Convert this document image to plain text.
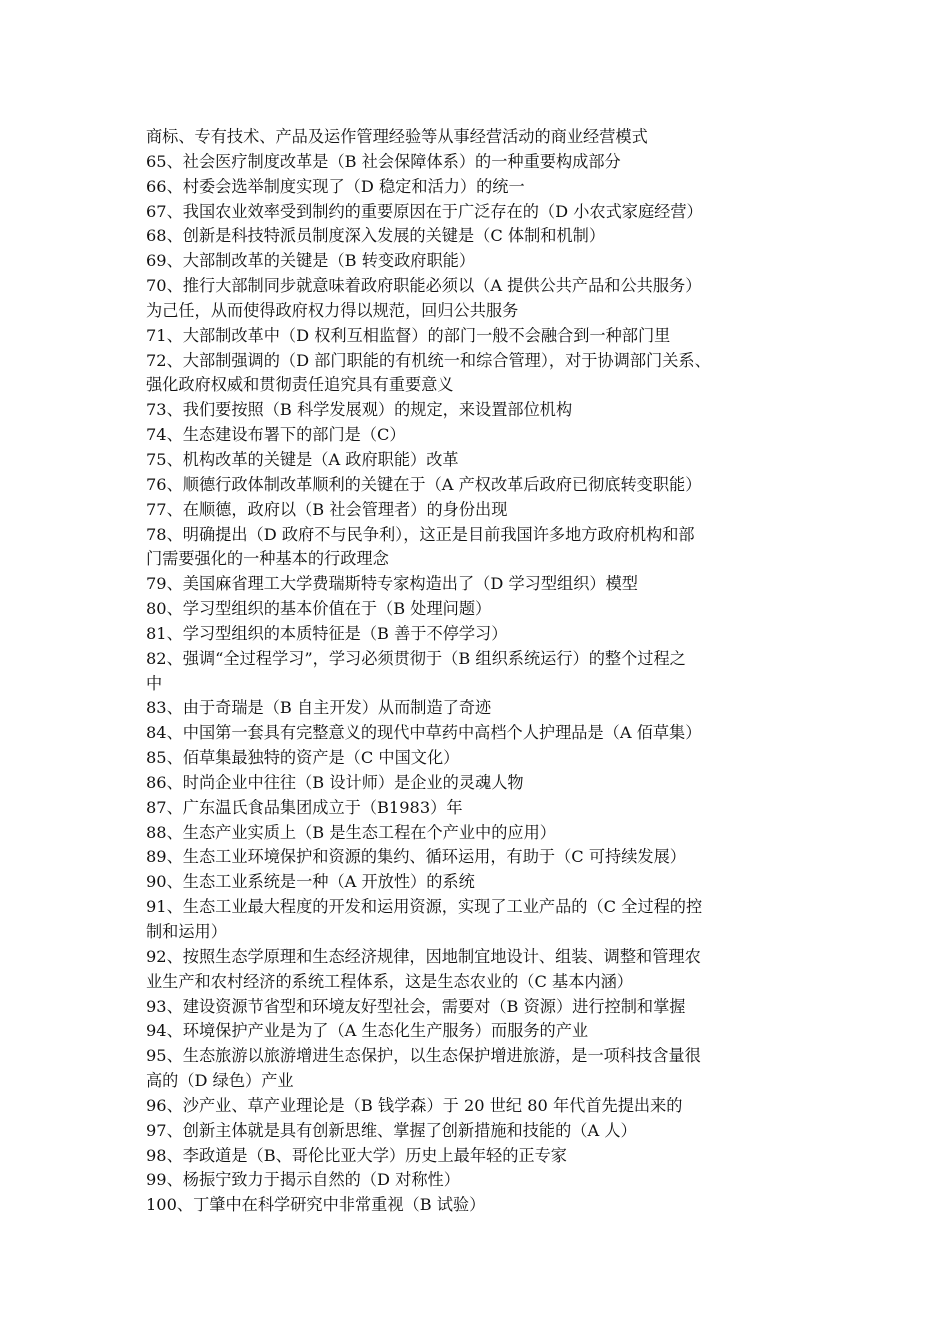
商标、专有技术、产品及运作管理经验等从事经营活动的商业经营模式
65、社会医疗制度改革是（B 社会保障体系）的一种重要构成部分
66、村委会选举制度实现了（D 稳定和活力）的统一
67、我国农业效率受到制约的重要原因在于广泛存在的（D 小农式家庭经营）
68、创新是科技特派员制度深入发展的关键是（C 体制和机制）
69、大部制改革的关键是（B 转变政府职能）
70、推行大部制同步就意味着政府职能必须以（A 提供公共产品和公共服务）
为己任，从而使得政府权力得以规范，回归公共服务
71、大部制改革中（D 权利互相监督）的部门一般不会融合到一种部门里
72、大部制强调的（D 部门职能的有机统一和综合管理），对于协调部门关系、
强化政府权威和贯彻责任追究具有重要意义
73、我们要按照（B 科学发展观）的规定，来设置部位机构
74、生态建设布署下的部门是（C）
75、机构改革的关键是（A 政府职能）改革
76、顺德行政体制改革顺利的关键在于（A 产权改革后政府已彻底转变职能）
77、在顺德，政府以（B 社会管理者）的身份出现
78、明确提出（D 政府不与民争利），这正是目前我国许多地方政府机构和部
门需要强化的一种基本的行政理念
79、美国麻省理工大学费瑞斯特专家构造出了（D 学习型组织）模型
80、学习型组织的基本价值在于（B 处理问题）
81、学习型组织的本质特征是（B 善于不停学习）
82、强调“全过程学习”，学习必须贯彻于（B 组织系统运行）的整个过程之
中
83、由于奇瑞是（B 自主开发）从而制造了奇迹
84、中国第一套具有完整意义的现代中草药中高档个人护理品是（A 佰草集）
85、佰草集最独特的资产是（C 中国文化）
86、时尚企业中往往（B 设计师）是企业的灵魂人物
87、广东温氏食品集团成立于（B1983）年
88、生态产业实质上（B 是生态工程在个产业中的应用）
89、生态工业环境保护和资源的集约、循环运用，有助于（C 可持续发展）
90、生态工业系统是一种（A 开放性）的系统
91、生态工业最大程度的开发和运用资源，实现了工业产品的（C 全过程的控
制和运用）
92、按照生态学原理和生态经济规律，因地制宜地设计、组装、调整和管理农
业生产和农村经济的系统工程体系，这是生态农业的（C 基本内涵）
93、建设资源节省型和环境友好型社会，需要对（B 资源）进行控制和掌握
94、环境保护产业是为了（A 生态化生产服务）而服务的产业
95、生态旅游以旅游增进生态保护，以生态保护增进旅游，是一项科技含量很
高的（D 绿色）产业
96、沙产业、草产业理论是（B 钱学森）于 20 世纪 80 年代首先提出来的
97、创新主体就是具有创新思维、掌握了创新措施和技能的（A 人）
98、李政道是（B、哥伦比亚大学）历史上最年轻的正专家
99、杨振宁致力于揭示自然的（D 对称性）
100、丁肇中在科学研究中非常重视（B 试验）
